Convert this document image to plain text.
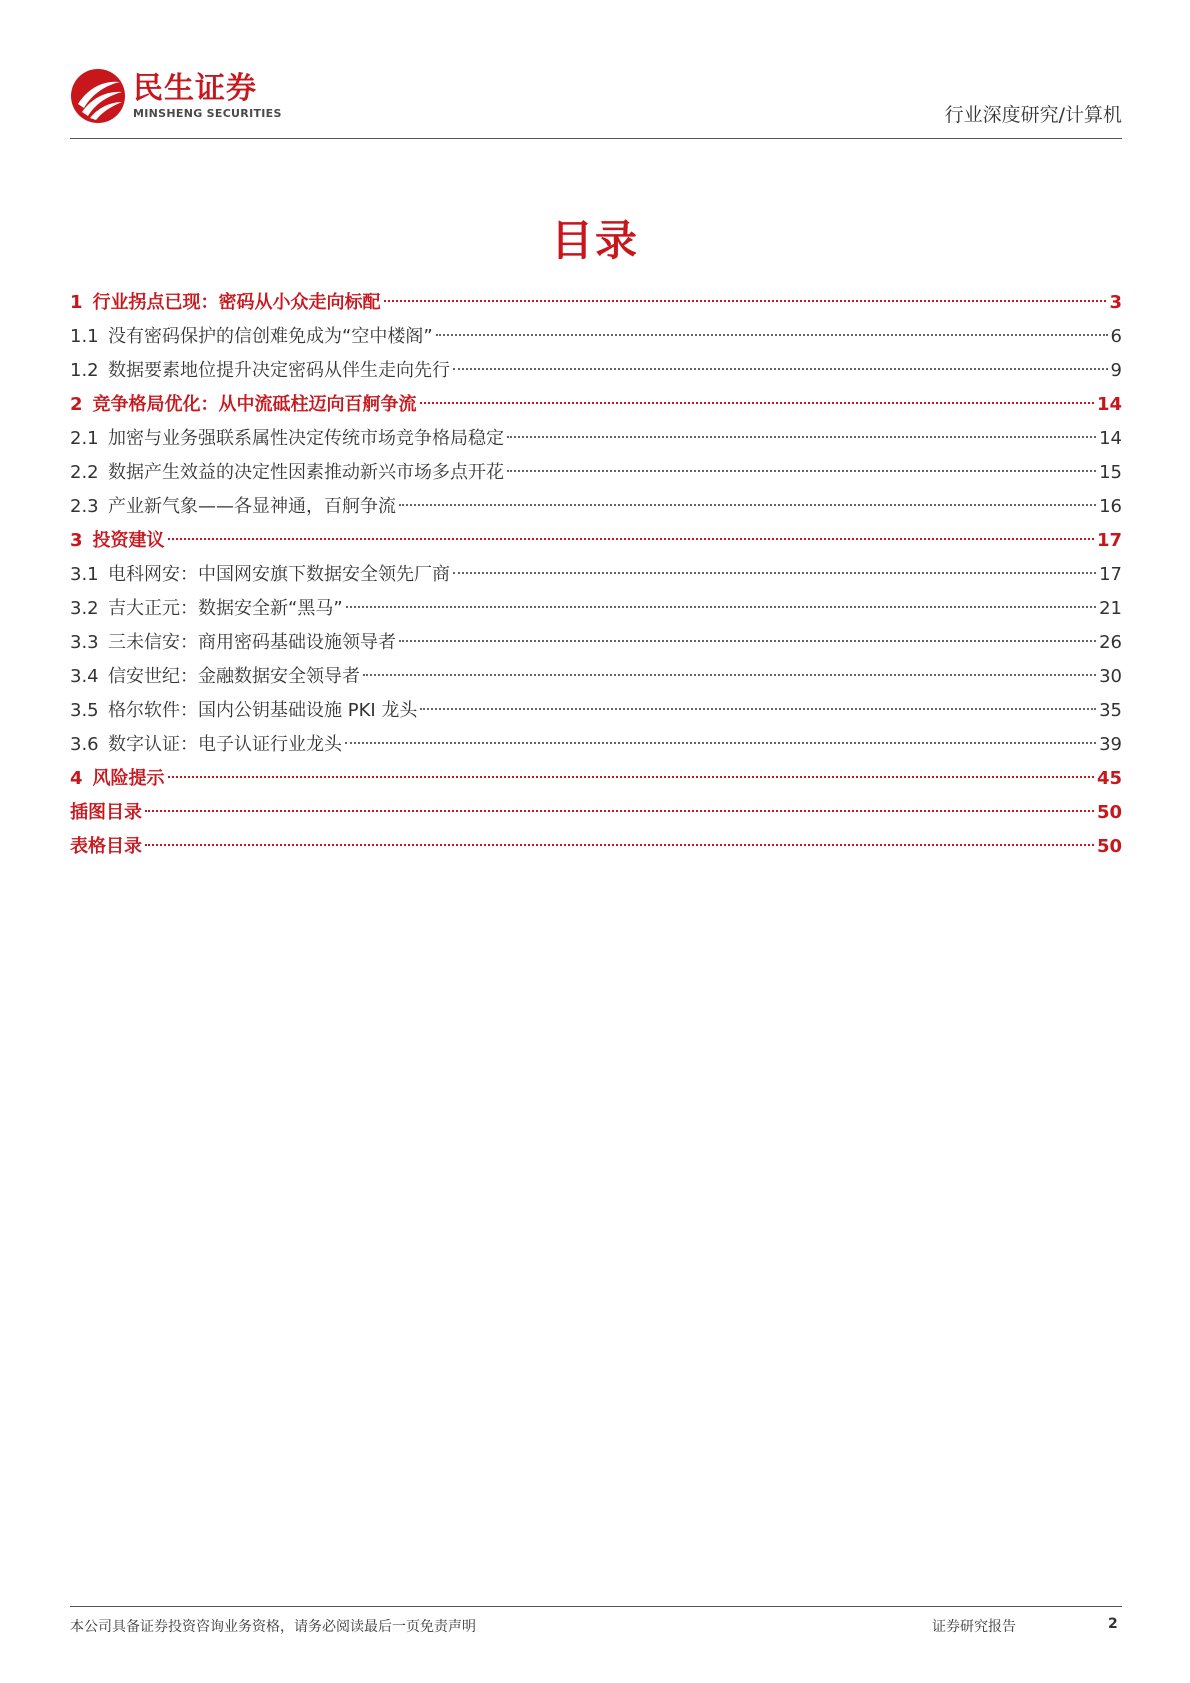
民生证券
MINSHENG SECURITIES	行业深度研究/计算机
目录
1 行业拐点已现：密码从小众走向标配	3
1.1 没有密码保护的信创难免成为“空中楼阁”	6
1.2 数据要素地位提升决定密码从伴生走向先行	9
2 竞争格局优化：从中流砥柱迈向百舸争流	14
2.1 加密与业务强联系属性决定传统市场竞争格局稳定	14
2.2 数据产生效益的决定性因素推动新兴市场多点开花	15
2.3 产业新气象——各显神通，百舸争流	16
3 投资建议	17
3.1 电科网安：中国网安旗下数据安全领先厂商	17
3.2 吉大正元：数据安全新“黑马”	21
3.3 三未信安：商用密码基础设施领导者	26
3.4 信安世纪：金融数据安全领导者	30
3.5 格尔软件：国内公钥基础设施 PKI 龙头	35
3.6 数字认证：电子认证行业龙头	39
4 风险提示	45
插图目录	50
表格目录	50
本公司具备证券投资咨询业务资格，请务必阅读最后一页免责声明	证券研究报告	2
